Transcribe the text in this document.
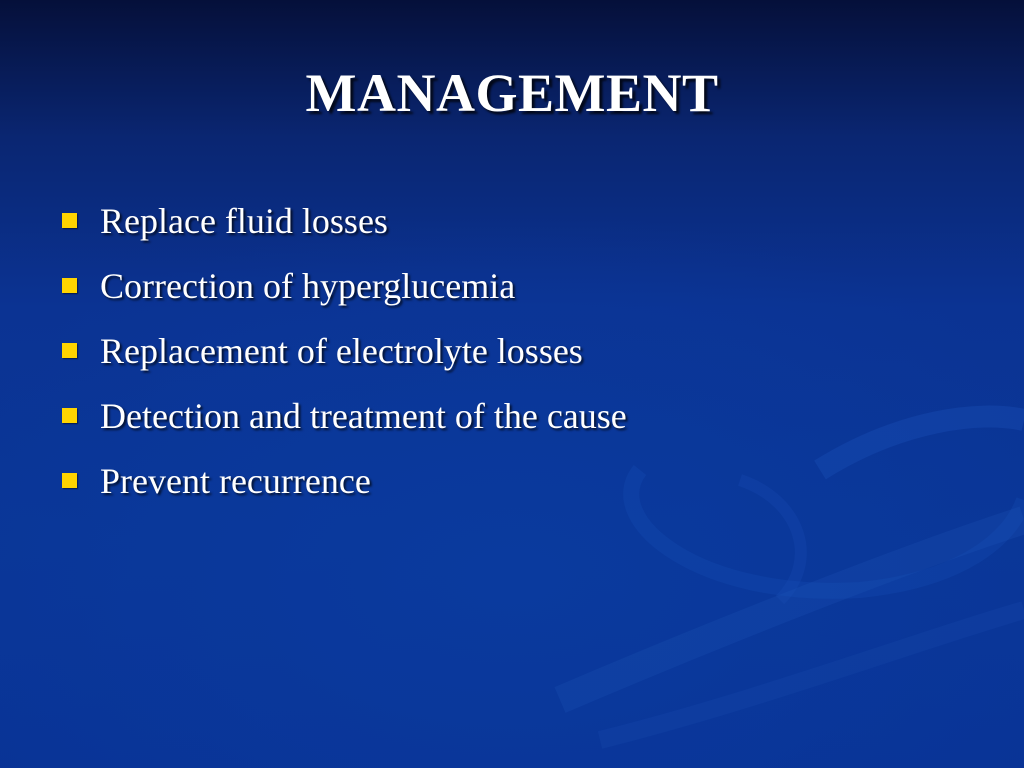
MANAGEMENT
Replace fluid losses
Correction of hyperglucemia
Replacement of electrolyte losses
Detection and treatment of the cause
Prevent recurrence
